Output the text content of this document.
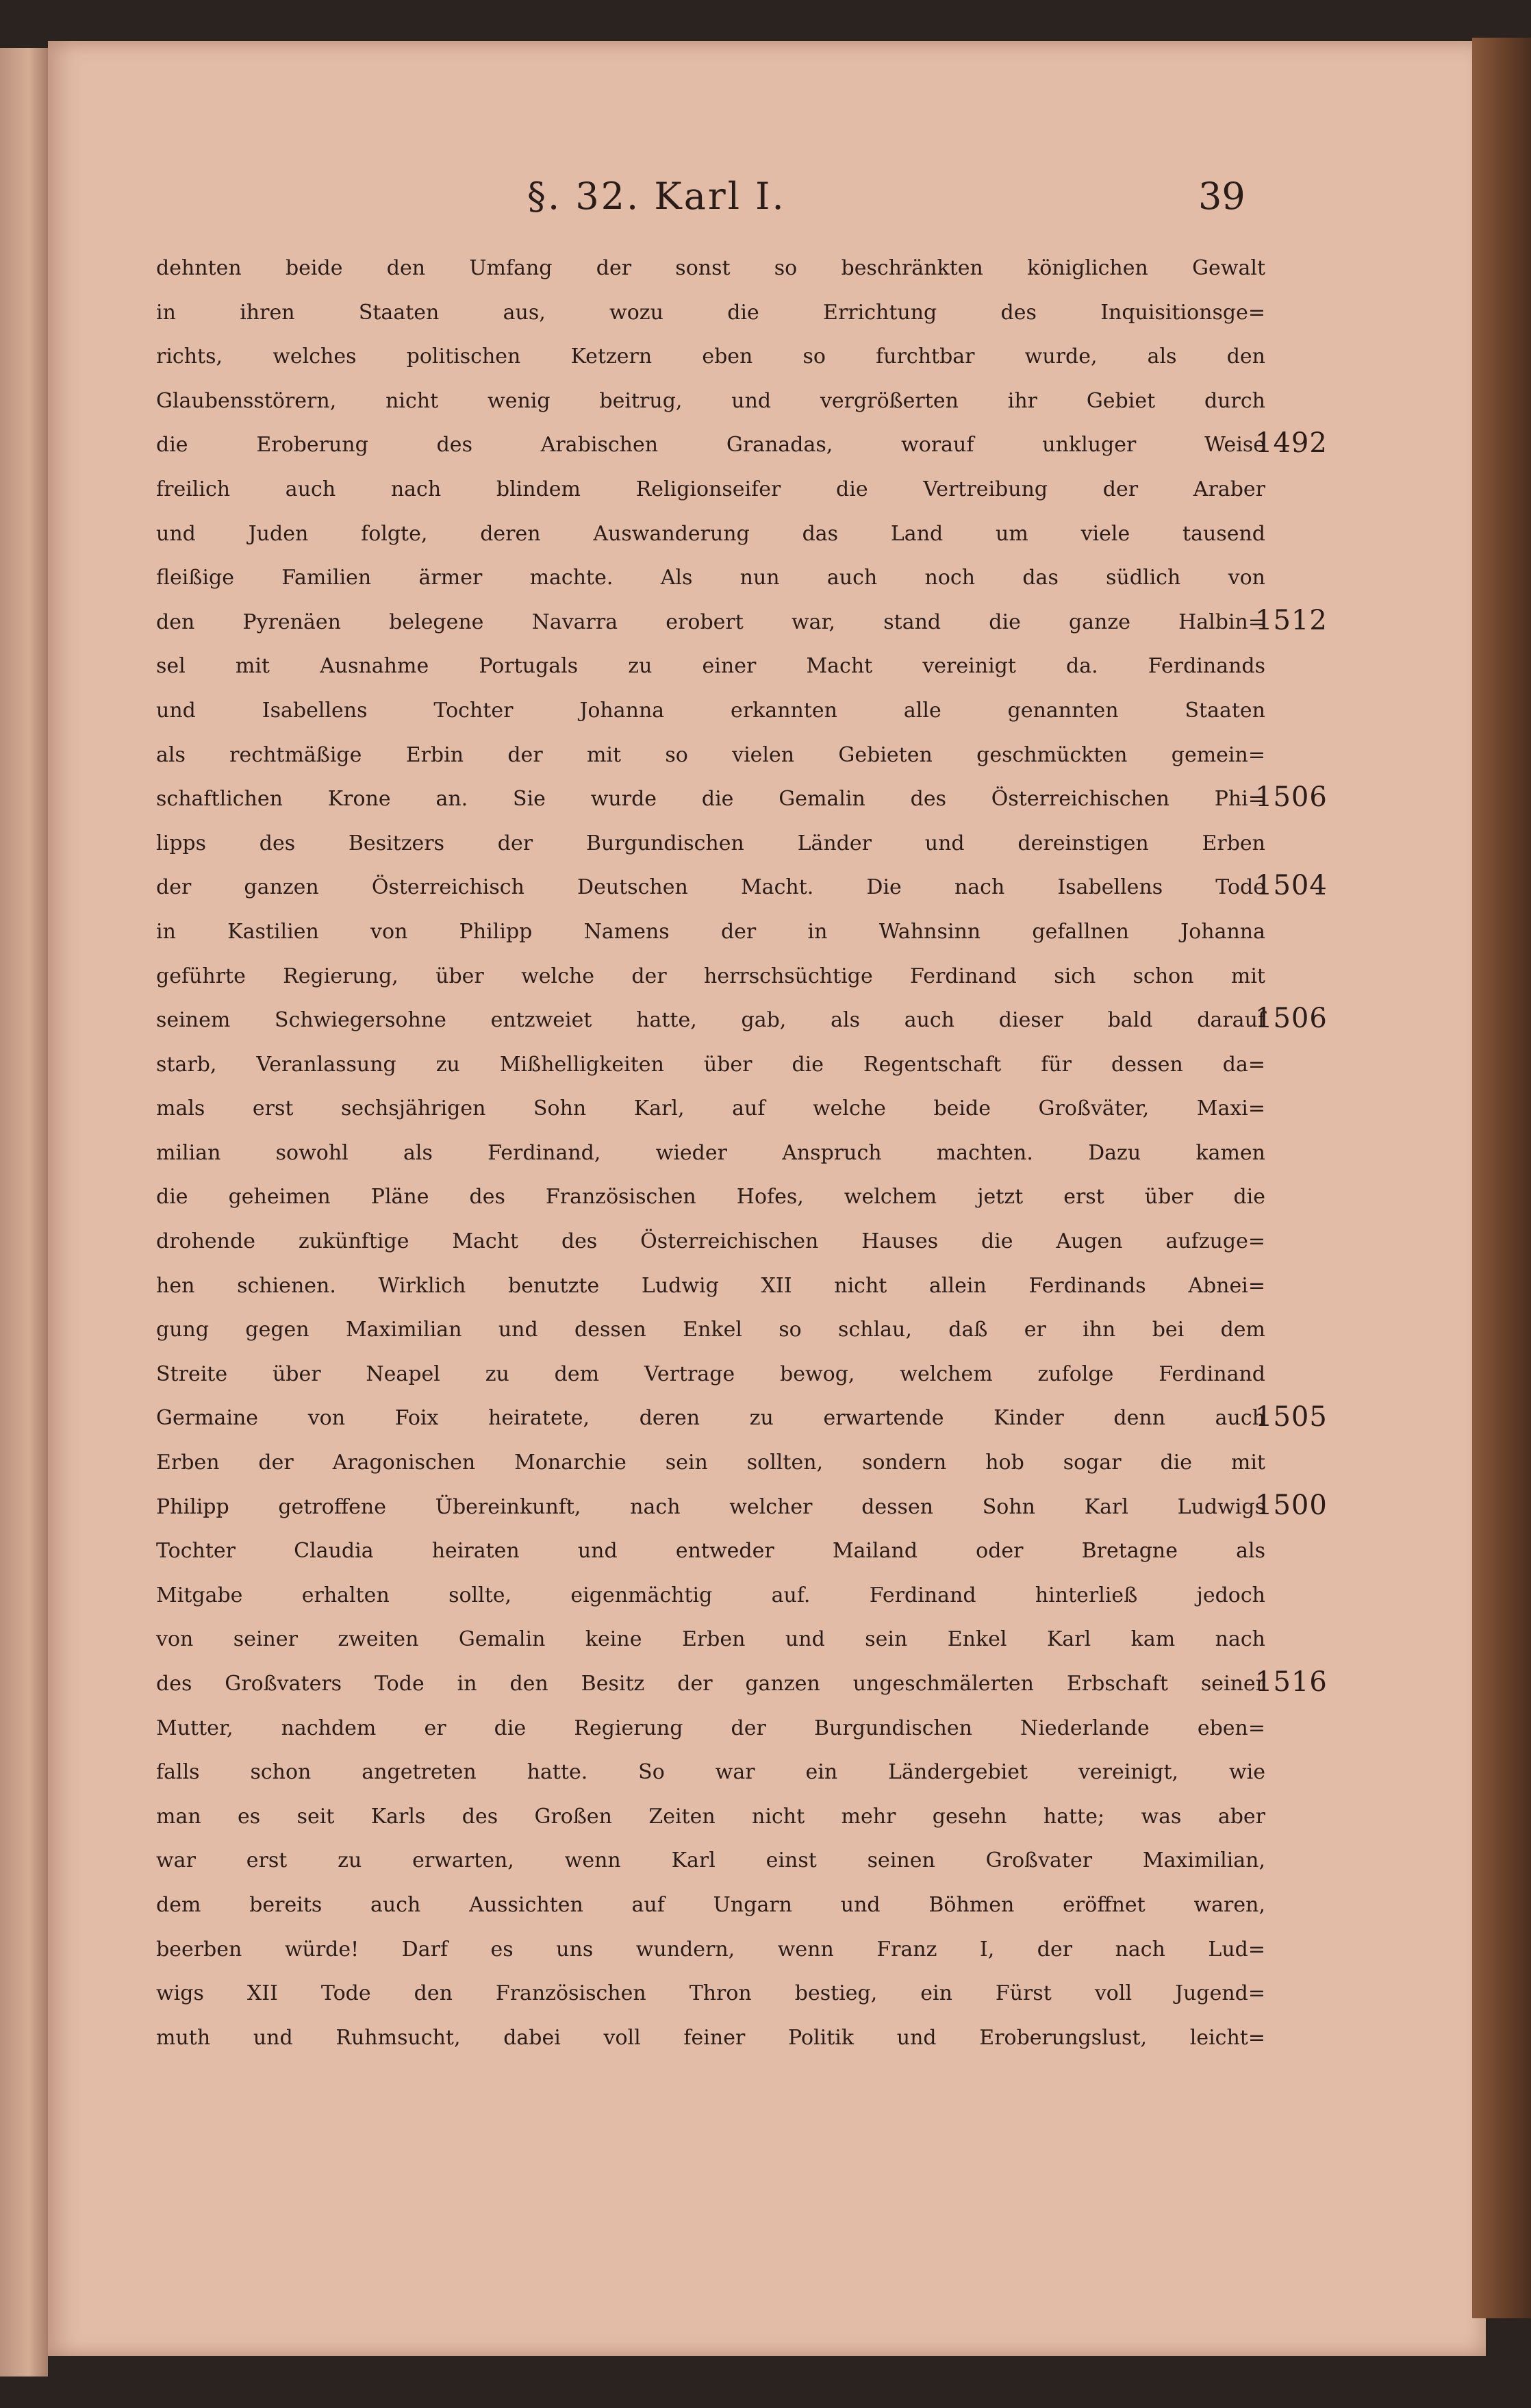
§. 32. Karl I.	39
dehnten beide den Umfang der sonst so beschränkten königlichen Gewalt
in ihren Staaten aus, wozu die Errichtung des Inquisitionsge=
richts, welches politischen Ketzern eben so furchtbar wurde, als den
Glaubensstörern, nicht wenig beitrug, und vergrößerten ihr Gebiet durch
die Eroberung des Arabischen Granadas, worauf unkluger Weise
freilich auch nach blindem Religionseifer die Vertreibung der Araber
und Juden folgte, deren Auswanderung das Land um viele tausend
fleißige Familien ärmer machte. Als nun auch noch das südlich von
den Pyrenäen belegene Navarra erobert war, stand die ganze Halbin=
sel mit Ausnahme Portugals zu einer Macht vereinigt da. Ferdinands
und Isabellens Tochter Johanna erkannten alle genannten Staaten
als rechtmäßige Erbin der mit so vielen Gebieten geschmückten gemein=
schaftlichen Krone an. Sie wurde die Gemalin des Österreichischen Phi=
lipps des Besitzers der Burgundischen Länder und dereinstigen Erben
der ganzen Österreichisch Deutschen Macht. Die nach Isabellens Tode
in Kastilien von Philipp Namens der in Wahnsinn gefallnen Johanna
geführte Regierung, über welche der herrschsüchtige Ferdinand sich schon mit
seinem Schwiegersohne entzweiet hatte, gab, als auch dieser bald darauf
starb, Veranlassung zu Mißhelligkeiten über die Regentschaft für dessen da=
mals erst sechsjährigen Sohn Karl, auf welche beide Großväter, Maxi=
milian sowohl als Ferdinand, wieder Anspruch machten. Dazu kamen
die geheimen Pläne des Französischen Hofes, welchem jetzt erst über die
drohende zukünftige Macht des Österreichischen Hauses die Augen aufzuge=
hen schienen. Wirklich benutzte Ludwig XII nicht allein Ferdinands Abnei=
gung gegen Maximilian und dessen Enkel so schlau, daß er ihn bei dem
Streite über Neapel zu dem Vertrage bewog, welchem zufolge Ferdinand
Germaine von Foix heiratete, deren zu erwartende Kinder denn auch
Erben der Aragonischen Monarchie sein sollten, sondern hob sogar die mit
Philipp getroffene Übereinkunft, nach welcher dessen Sohn Karl Ludwigs
Tochter Claudia heiraten und entweder Mailand oder Bretagne als
Mitgabe erhalten sollte, eigenmächtig auf. Ferdinand hinterließ jedoch
von seiner zweiten Gemalin keine Erben und sein Enkel Karl kam nach
des Großvaters Tode in den Besitz der ganzen ungeschmälerten Erbschaft seiner
Mutter, nachdem er die Regierung der Burgundischen Niederlande eben=
falls schon angetreten hatte. So war ein Ländergebiet vereinigt, wie
man es seit Karls des Großen Zeiten nicht mehr gesehn hatte; was aber
war erst zu erwarten, wenn Karl einst seinen Großvater Maximilian,
dem bereits auch Aussichten auf Ungarn und Böhmen eröffnet waren,
beerben würde! Darf es uns wundern, wenn Franz I, der nach Lud=
wigs XII Tode den Französischen Thron bestieg, ein Fürst voll Jugend=
muth und Ruhmsucht, dabei voll feiner Politik und Eroberungslust, leicht=
1492
1512
1506
1504
1506
1505
1500
1516
